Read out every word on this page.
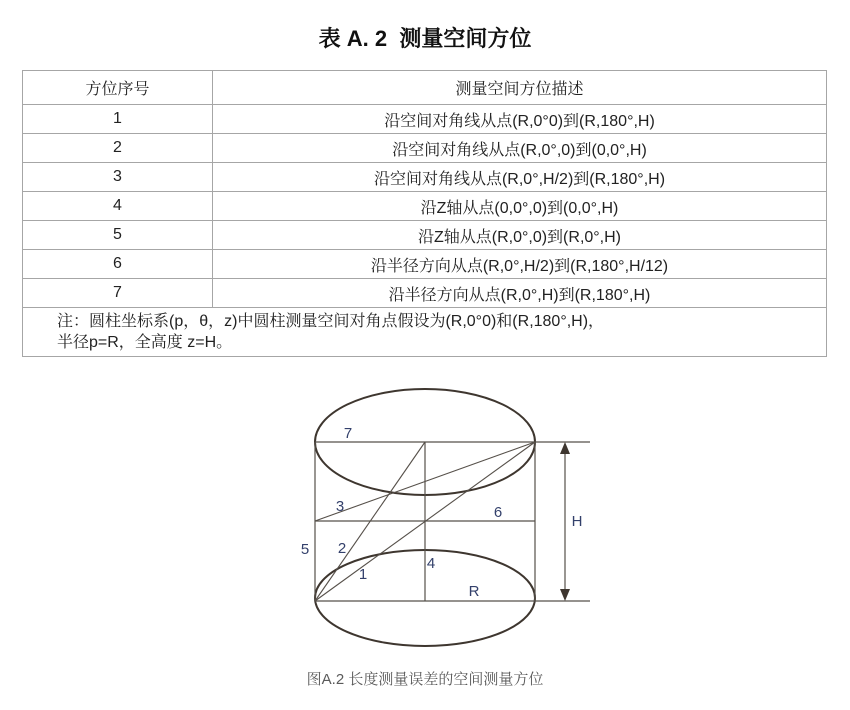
表 A. 2  测量空间方位
方位序号	测量空间方位描述
1	沿空间对角线从点(R,0°0)到(R,180°,H)
2	沿空间对角线从点(R,0°,0)到(0,0°,H)
3	沿空间对角线从点(R,0°,H/2)到(R,180°,H)
4	沿Z轴从点(0,0°,0)到(0,0°,H)
5	沿Z轴从点(R,0°,0)到(R,0°,H)
6	沿半径方向从点(R,0°,H/2)到(R,180°,H/12)
7	沿半径方向从点(R,0°,H)到(R,180°,H)

注：圆柱坐标系(p，θ，z)中圆柱测量空间对角点假设为(R,0°0)和(R,180°,H)，
半径p=R，全高度 z=H。	
7
3	6
5 2
1
4
R
H
图A.2 长度测量误差的空间测量方位
